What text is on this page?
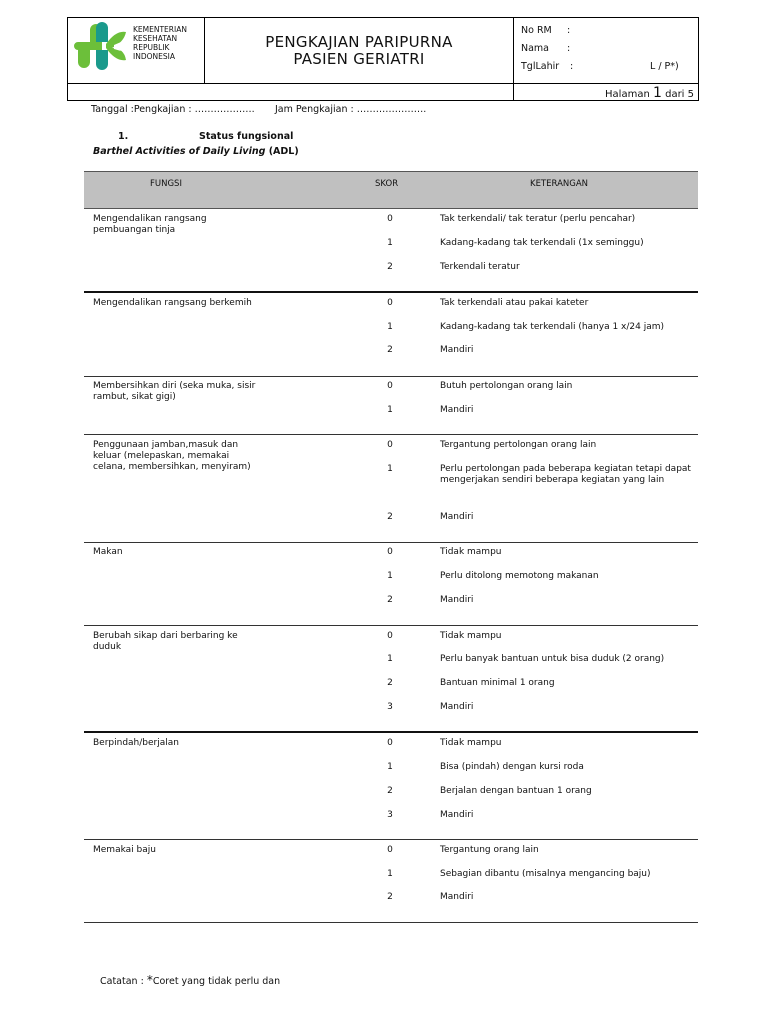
KEMENTERIAN
KESEHATAN
REPUBLIK
INDONESIA
PENGKAJIAN PARIPURNA
PASIEN GERIATRI
No RM :
Nama :
TglLahir :	L / P*)
Halaman 1 dari 5
Tanggal :Pengkajian : ………………. Jam Pengkajian : ………………….
1.	Status fungsional
Barthel Activities of Daily Living (ADL)
FUNGSI	SKOR	KETERANGAN
Mengendalikan rangsang pembuangan tinja
0	Tak terkendali/ tak teratur (perlu pencahar)
1	Kadang-kadang tak terkendali (1x seminggu)
2	Terkendali teratur
Mengendalikan rangsang berkemih	0	Tak terkendali atau pakai kateter
1	Kadang-kadang tak terkendali (hanya 1 x/24 jam)
2	Mandiri
Membersihkan diri (seka muka, sisir rambut, sikat gigi)
0	Butuh pertolongan orang lain
1	Mandiri
Penggunaan jamban,masuk dan keluar (melepaskan, memakai celana, membersihkan, menyiram)
0	Tergantung pertolongan orang lain
1	Perlu pertolongan pada beberapa kegiatan tetapi dapat mengerjakan sendiri beberapa kegiatan yang lain
2	Mandiri
Makan	0	Tidak mampu
1	Perlu ditolong memotong makanan
2	Mandiri
Berubah sikap dari berbaring ke duduk
0	Tidak mampu
1	Perlu banyak bantuan untuk bisa duduk (2 orang)
2	Bantuan minimal 1 orang
3	Mandiri
Berpindah/berjalan	0	Tidak mampu
1	Bisa (pindah) dengan kursi roda
2	Berjalan dengan bantuan 1 orang
3	Mandiri
Memakai baju	0	Tergantung orang lain
1	Sebagian dibantu (misalnya mengancing baju)
2	Mandiri
Catatan : *Coret yang tidak perlu dan
